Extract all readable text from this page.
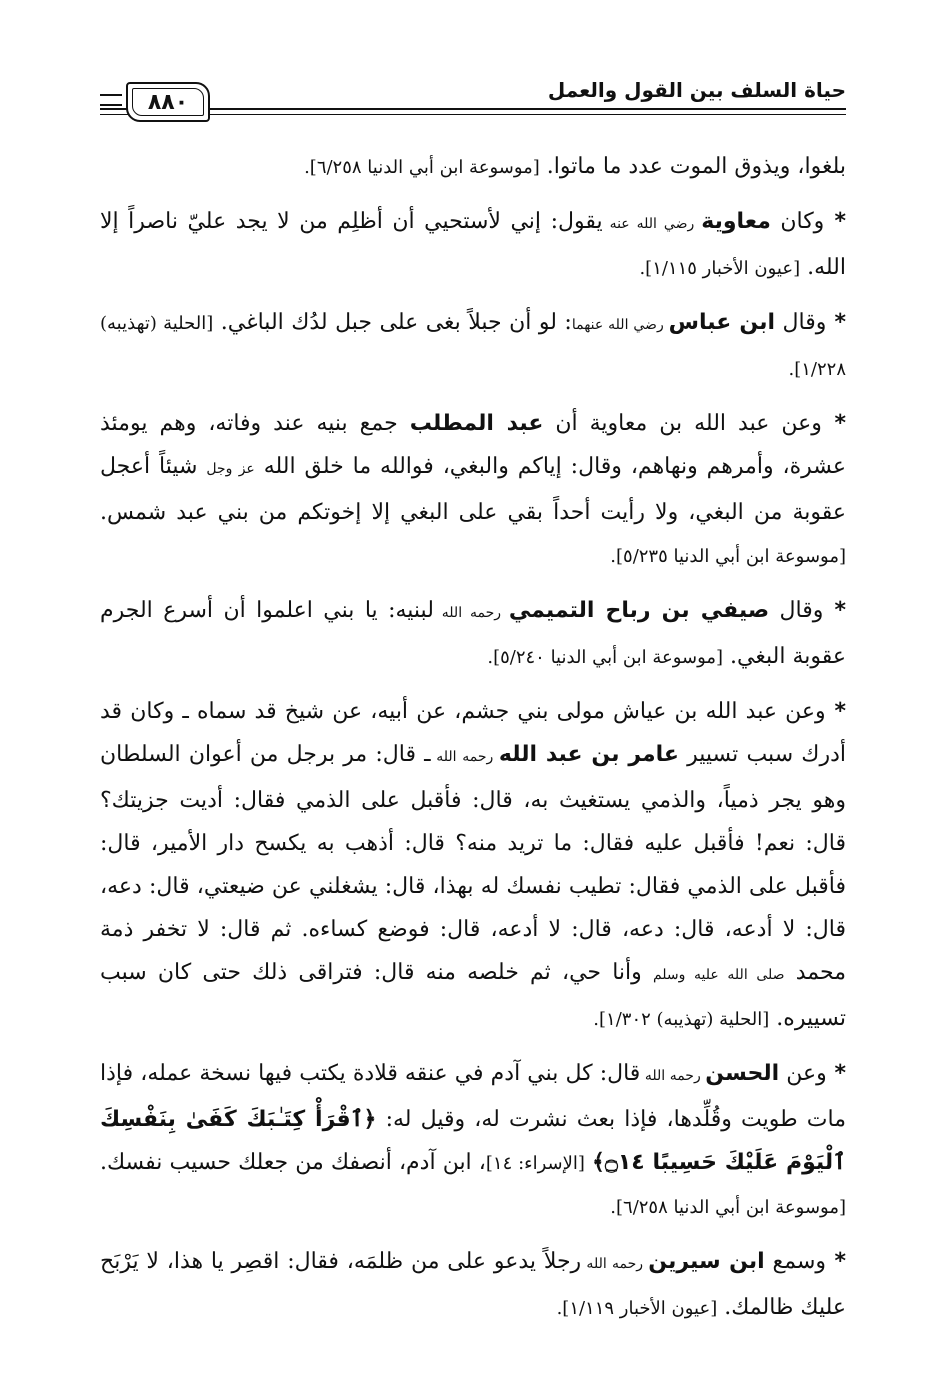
٨٨٠	حياة السلف بين القول والعمل

بلغوا، ويذوق الموت عدد ما ماتوا. [موسوعة ابن أبي الدنيا ٦/٢٥٨].

* وكان معاوية رضي الله عنه يقول: إني لأستحيي أن أظلِم من لا يجد عليّ ناصراً إلا الله. [عيون الأخبار ١/١١٥].

* وقال ابن عباس رضي الله عنهما: لو أن جبلاً بغى على جبل لدُك الباغي. [الحلية (تهذيبه) ١/٢٢٨].

* وعن عبد الله بن معاوية أن عبد المطلب جمع بنيه عند وفاته، وهم يومئذ عشرة، وأمرهم ونهاهم، وقال: إياكم والبغي، فوالله ما خلق الله عز وجل شيئاً أعجل عقوبة من البغي، ولا رأيت أحداً بقي على البغي إلا إخوتكم من بني عبد شمس. [موسوعة ابن أبي الدنيا ٥/٢٣٥].

* وقال صيفي بن رباح التميمي رحمه الله لبنيه: يا بني اعلموا أن أسرع الجرم عقوبة البغي. [موسوعة ابن أبي الدنيا ٥/٢٤٠].

* وعن عبد الله بن عياش مولى بني جشم، عن أبيه، عن شيخ قد سماه ـ وكان قد أدرك سبب تسيير عامر بن عبد الله رحمه الله ـ قال: مر برجل من أعوان السلطان وهو يجر ذمياً، والذمي يستغيث به، قال: فأقبل على الذمي فقال: أديت جزيتك؟ قال: نعم! فأقبل عليه فقال: ما تريد منه؟ قال: أذهب به يكسح دار الأمير، قال: فأقبل على الذمي فقال: تطيب نفسك له بهذا، قال: يشغلني عن ضيعتي، قال: دعه، قال: لا أدعه، قال: دعه، قال: لا أدعه، قال: فوضع كساءه. ثم قال: لا تخفر ذمة محمد صلى الله عليه وسلم وأنا حي، ثم خلصه منه قال: فتراقى ذلك حتى كان سبب تسييره. [الحلية (تهذيبه) ١/٣٠٢].

* وعن الحسن رحمه الله قال: كل بني آدم في عنقه قلادة يكتب فيها نسخة عمله، فإذا مات طويت وقُلِّدها، فإذا بعث نشرت له، وقيل له: ﴿ٱقْرَأْ كِتَـٰبَكَ كَفَىٰ بِنَفْسِكَ ٱلْيَوْمَ عَلَيْكَ حَسِيبًا ۝١٤﴾ [الإسراء: ١٤]، ابن آدم، أنصفك من جعلك حسيب نفسك. [موسوعة ابن أبي الدنيا ٦/٢٥٨].

* وسمع ابن سيرين رحمه الله رجلاً يدعو على من ظلمَه، فقال: اقصِر يا هذا، لا يَرْبَح عليك ظالمك. [عيون الأخبار ١/١١٩].
